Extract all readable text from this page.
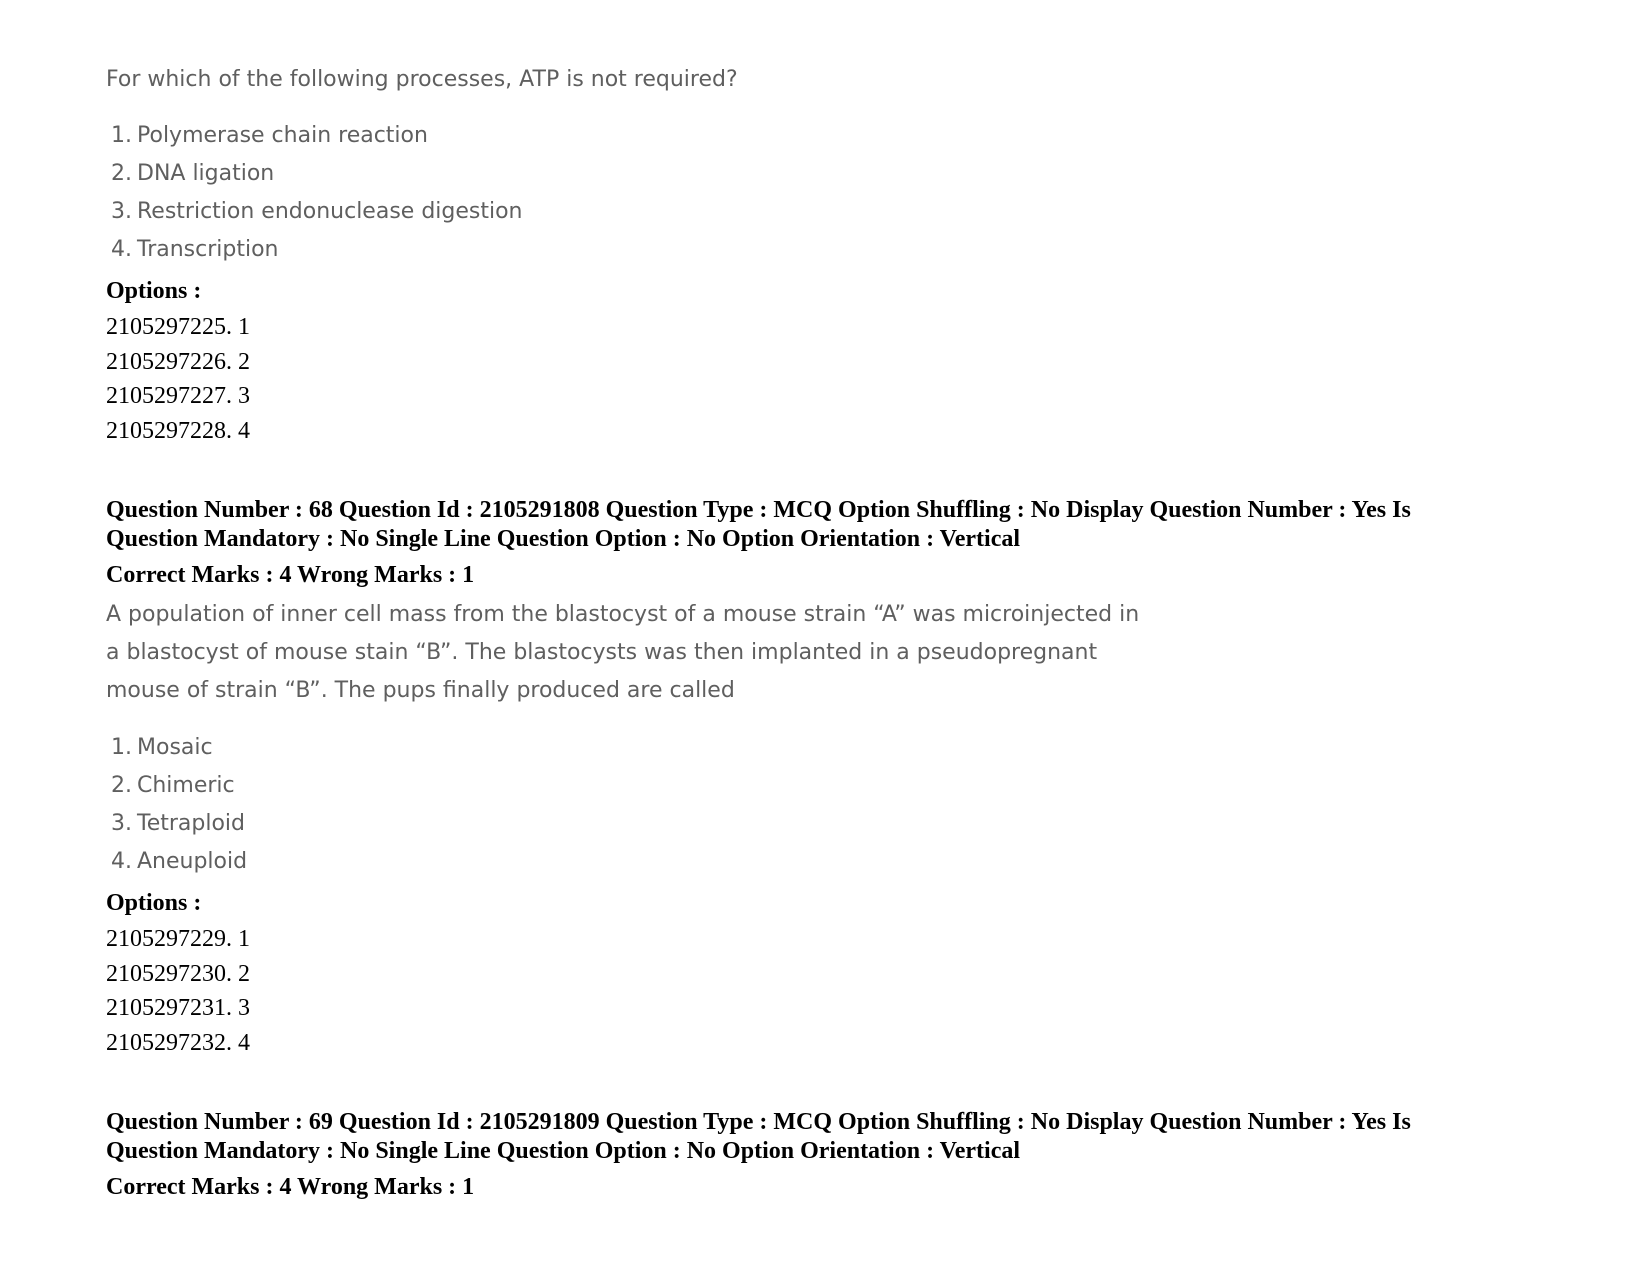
For which of the following processes, ATP is not required?
1. Polymerase chain reaction
2. DNA ligation
3. Restriction endonuclease digestion
4. Transcription
Options :
2105297225. 1
2105297226. 2
2105297227. 3
2105297228. 4
Question Number : 68 Question Id : 2105291808 Question Type : MCQ Option Shuffling : No Display Question Number : Yes Is
Question Mandatory : No Single Line Question Option : No Option Orientation : Vertical
Correct Marks : 4 Wrong Marks : 1
A population of inner cell mass from the blastocyst of a mouse strain “A” was microinjected in
a blastocyst of mouse stain “B”. The blastocysts was then implanted in a pseudopregnant
mouse of strain “B”. The pups finally produced are called
1. Mosaic
2. Chimeric
3. Tetraploid
4. Aneuploid
Options :
2105297229. 1
2105297230. 2
2105297231. 3
2105297232. 4
Question Number : 69 Question Id : 2105291809 Question Type : MCQ Option Shuffling : No Display Question Number : Yes Is
Question Mandatory : No Single Line Question Option : No Option Orientation : Vertical
Correct Marks : 4 Wrong Marks : 1
